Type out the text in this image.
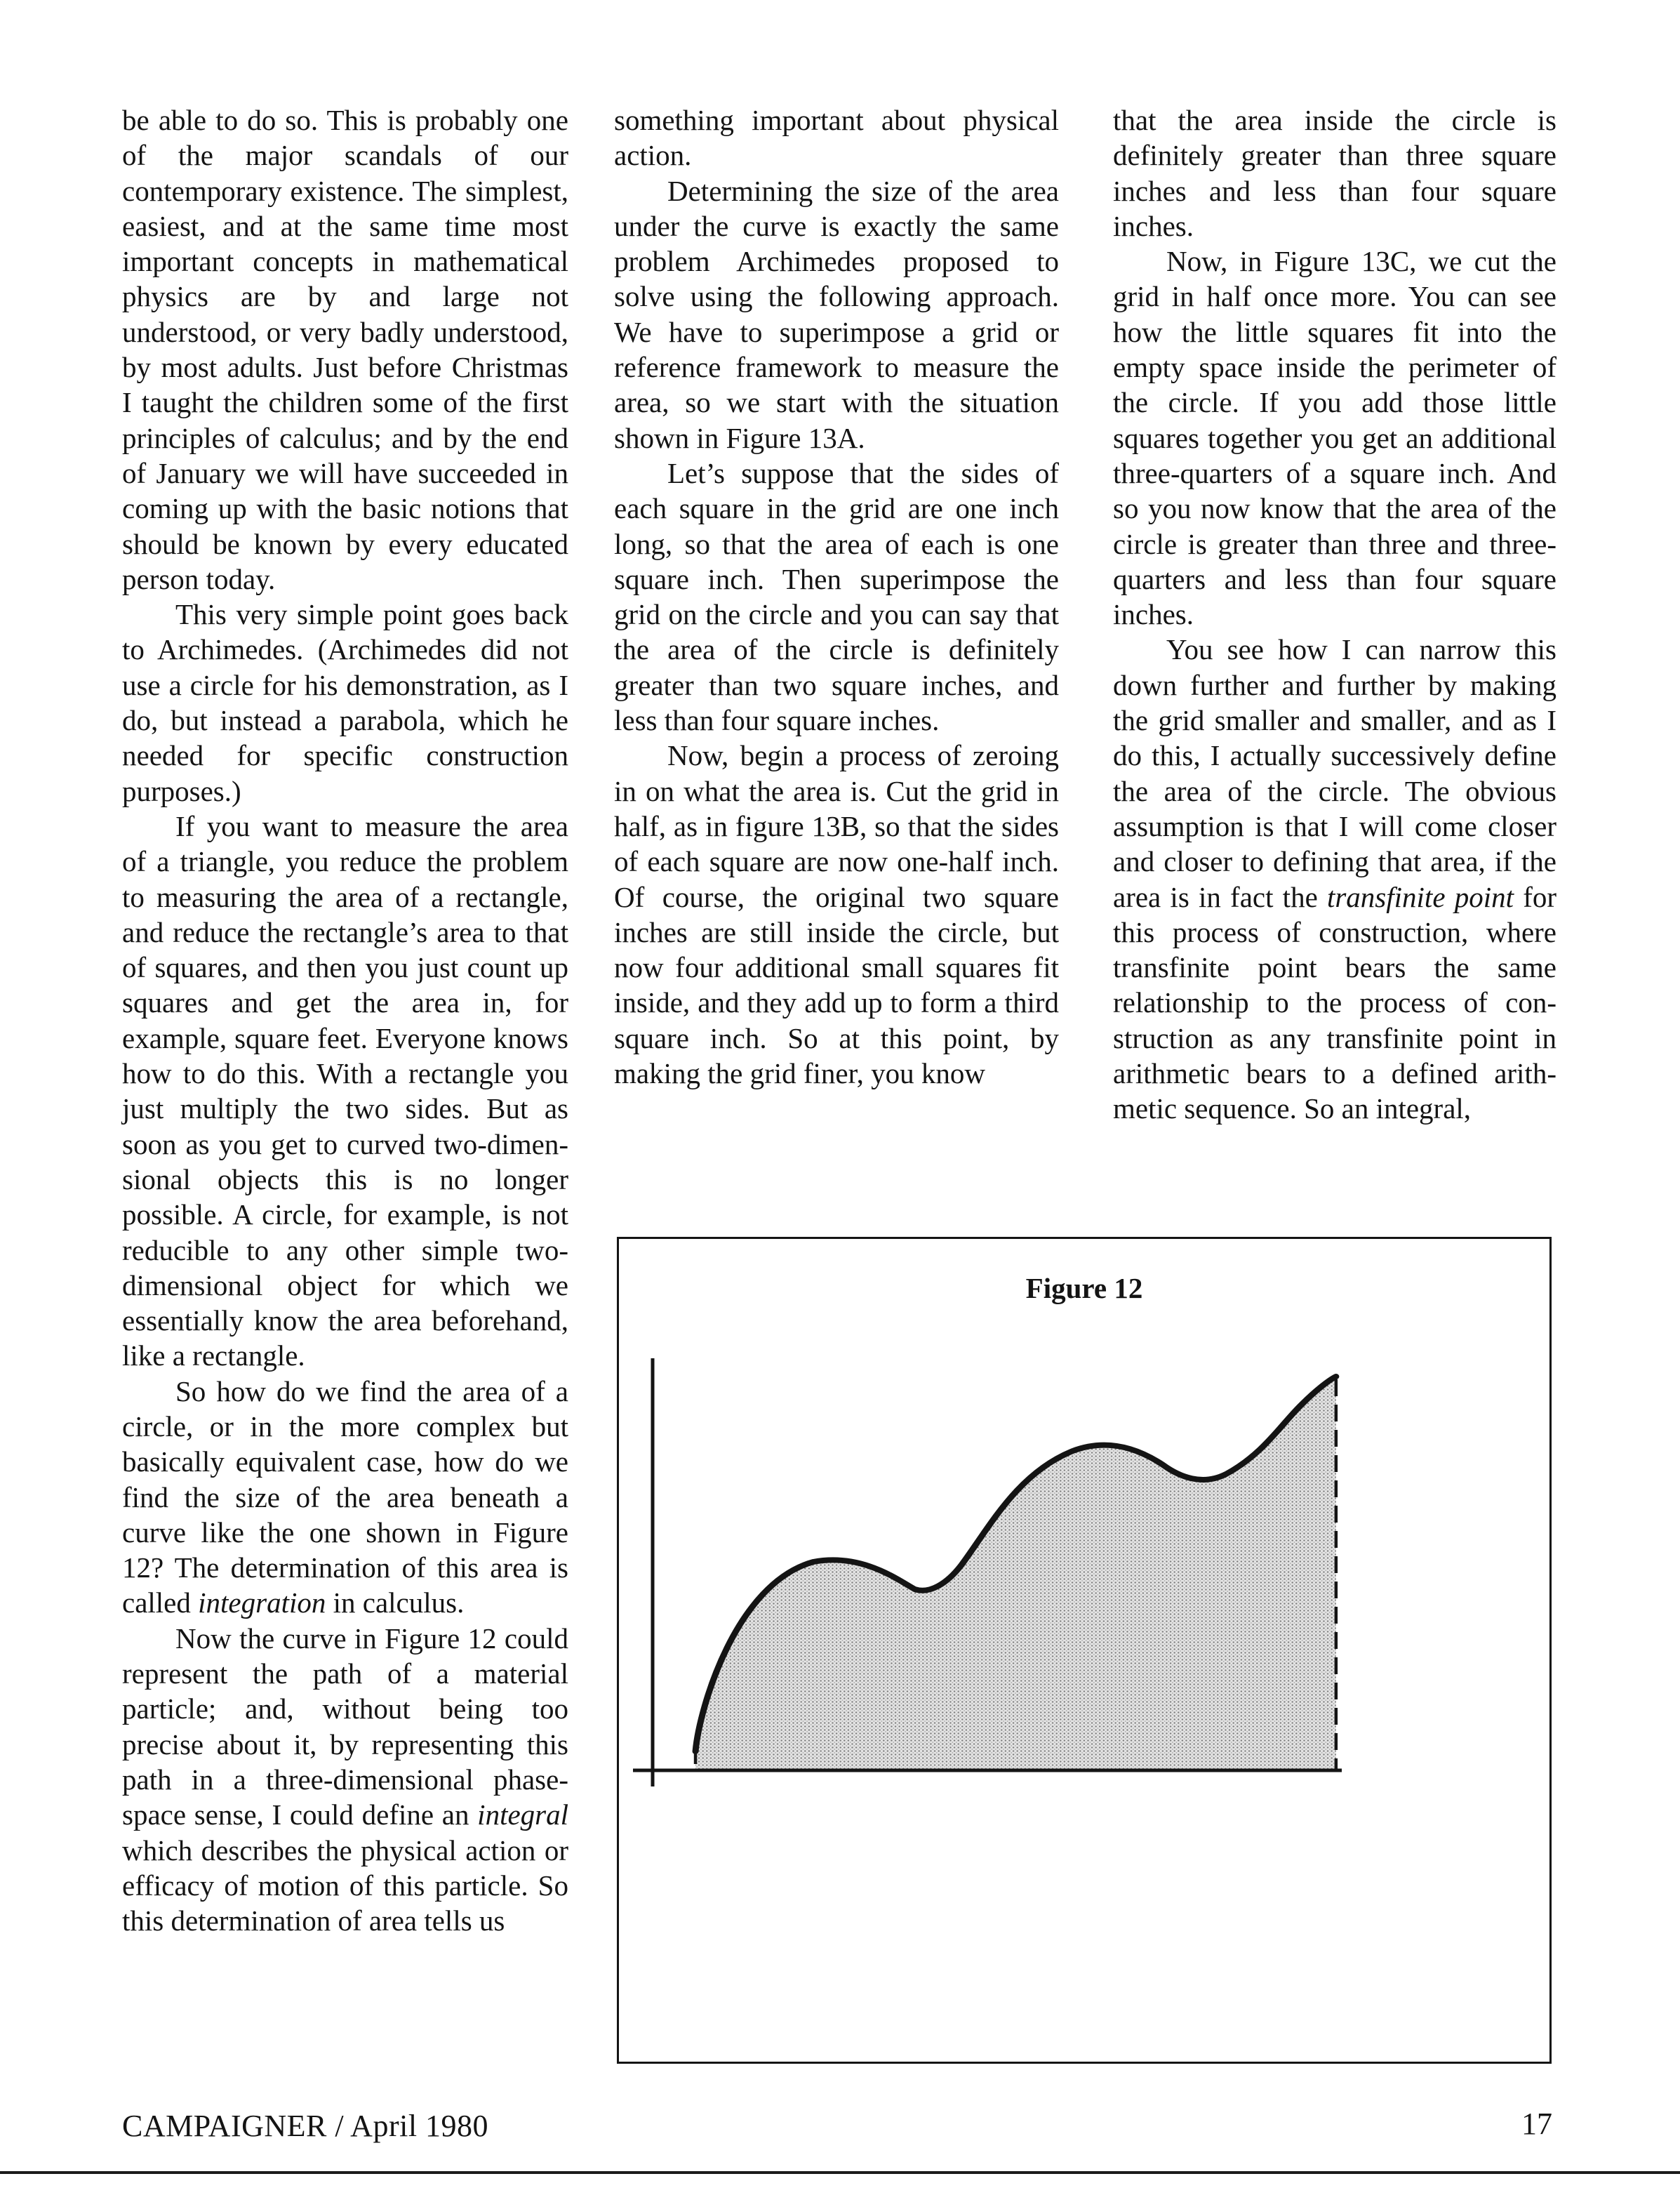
be able to do so. This is probably one of the major scandals of our contemporary existence. The simplest, easiest, and at the same time most important concepts in mathematical physics are by and large not understood, or very badly understood, by most adults. Just before Christmas I taught the children some of the first principles of calculus; and by the end of January we will have succeeded in coming up with the basic notions that should be known by every educated person today.

This very simple point goes back to Archimedes. (Archimedes did not use a circle for his demonstration, as I do, but instead a parabola, which he needed for specific construction purposes.)

If you want to measure the area of a triangle, you reduce the problem to measuring the area of a rectangle, and reduce the rectangle’s area to that of squares, and then you just count up squares and get the area in, for example, square feet. Everyone knows how to do this. With a rectangle you just multiply the two sides. But as soon as you get to curved two-dimensional objects this is no longer possible. A circle, for example, is not reducible to any other simple two-dimensional object for which we essentially know the area beforehand, like a rectangle.

So how do we find the area of a circle, or in the more complex but basically equivalent case, how do we find the size of the area beneath a curve like the one shown in Figure 12? The determination of this area is called integration in calculus.

Now the curve in Figure 12 could represent the path of a material particle; and, without being too precise about it, by representing this path in a three-dimensional phase-space sense, I could define an integral which describes the physical action or efficacy of motion of this particle. So this determination of area tells us

something important about physical action.

Determining the size of the area under the curve is exactly the same problem Archimedes proposed to solve using the following approach. We have to superimpose a grid or reference framework to measure the area, so we start with the situation shown in Figure 13A.

Let’s suppose that the sides of each square in the grid are one inch long, so that the area of each is one square inch. Then superimpose the grid on the circle and you can say that the area of the circle is definitely greater than two square inches, and less than four square inches.

Now, begin a process of zeroing in on what the area is. Cut the grid in half, as in figure 13B, so that the sides of each square are now one-half inch. Of course, the original two square inches are still inside the circle, but now four additional small squares fit inside, and they add up to form a third square inch. So at this point, by making the grid finer, you know

that the area inside the circle is definitely greater than three square inches and less than four square inches.

Now, in Figure 13C, we cut the grid in half once more. You can see how the little squares fit into the empty space inside the perimeter of the circle. If you add those little squares together you get an additional three-quarters of a square inch. And so you now know that the area of the circle is greater than three and three-quarters and less than four square inches.

You see how I can narrow this down further and further by making the grid smaller and smaller, and as I do this, I actually successively define the area of the circle. The obvious assumption is that I will come closer and closer to defining that area, if the area is in fact the transfinite point for this process of construction, where transfinite point bears the same relationship to the process of construction as any transfinite point in arithmetic bears to a defined arithmetic sequence. So an integral,

Figure 12
CAMPAIGNER / April 1980	17
